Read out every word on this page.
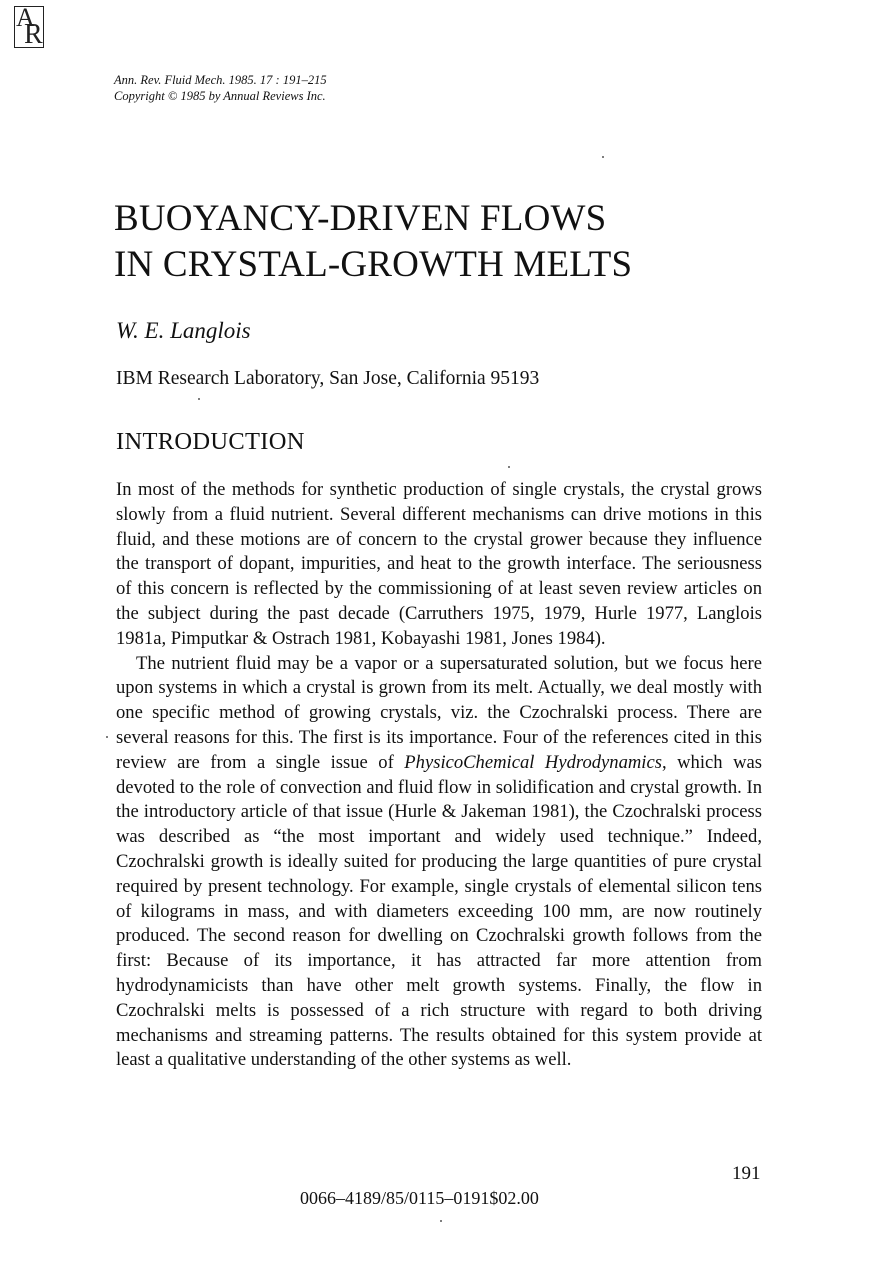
A
R
Ann. Rev. Fluid Mech. 1985. 17 : 191–215
Copyright © 1985 by Annual Reviews Inc.
BUOYANCY-DRIVEN FLOWS
IN CRYSTAL-GROWTH MELTS
W. E. Langlois
IBM Research Laboratory, San Jose, California 95193
INTRODUCTION

In most of the methods for synthetic production of single crystals, the crystal grows slowly from a fluid nutrient. Several different mechanisms can drive motions in this fluid, and these motions are of concern to the crystal grower because they influence the transport of dopant, impurities, and heat to the growth interface. The seriousness of this concern is reflected by the commissioning of at least seven review articles on the subject during the past decade (Carruthers 1975, 1979, Hurle 1977, Langlois 1981a, Pimputkar & Ostrach 1981, Kobayashi 1981, Jones 1984).

The nutrient fluid may be a vapor or a supersaturated solution, but we focus here upon systems in which a crystal is grown from its melt. Actually, we deal mostly with one specific method of growing crystals, viz. the Czochralski process. There are several reasons for this. The first is its importance. Four of the references cited in this review are from a single issue of PhysicoChemical Hydrodynamics, which was devoted to the role of convection and fluid flow in solidification and crystal growth. In the introductory article of that issue (Hurle & Jakeman 1981), the Czochralski process was described as “the most important and widely used technique.” Indeed, Czochralski growth is ideally suited for producing the large quantities of pure crystal required by present technology. For example, single crystals of elemental silicon tens of kilograms in mass, and with diameters exceeding 100 mm, are now routinely produced. The second reason for dwelling on Czochralski growth follows from the first: Because of its importance, it has attracted far more attention from hydrodynamicists than have other melt growth systems. Finally, the flow in Czochralski melts is possessed of a rich structure with regard to both driving mechanisms and streaming patterns. The results obtained for this system provide at least a qualitative understanding of the other systems as well.

191
0066–4189/85/0115–0191$02.00
